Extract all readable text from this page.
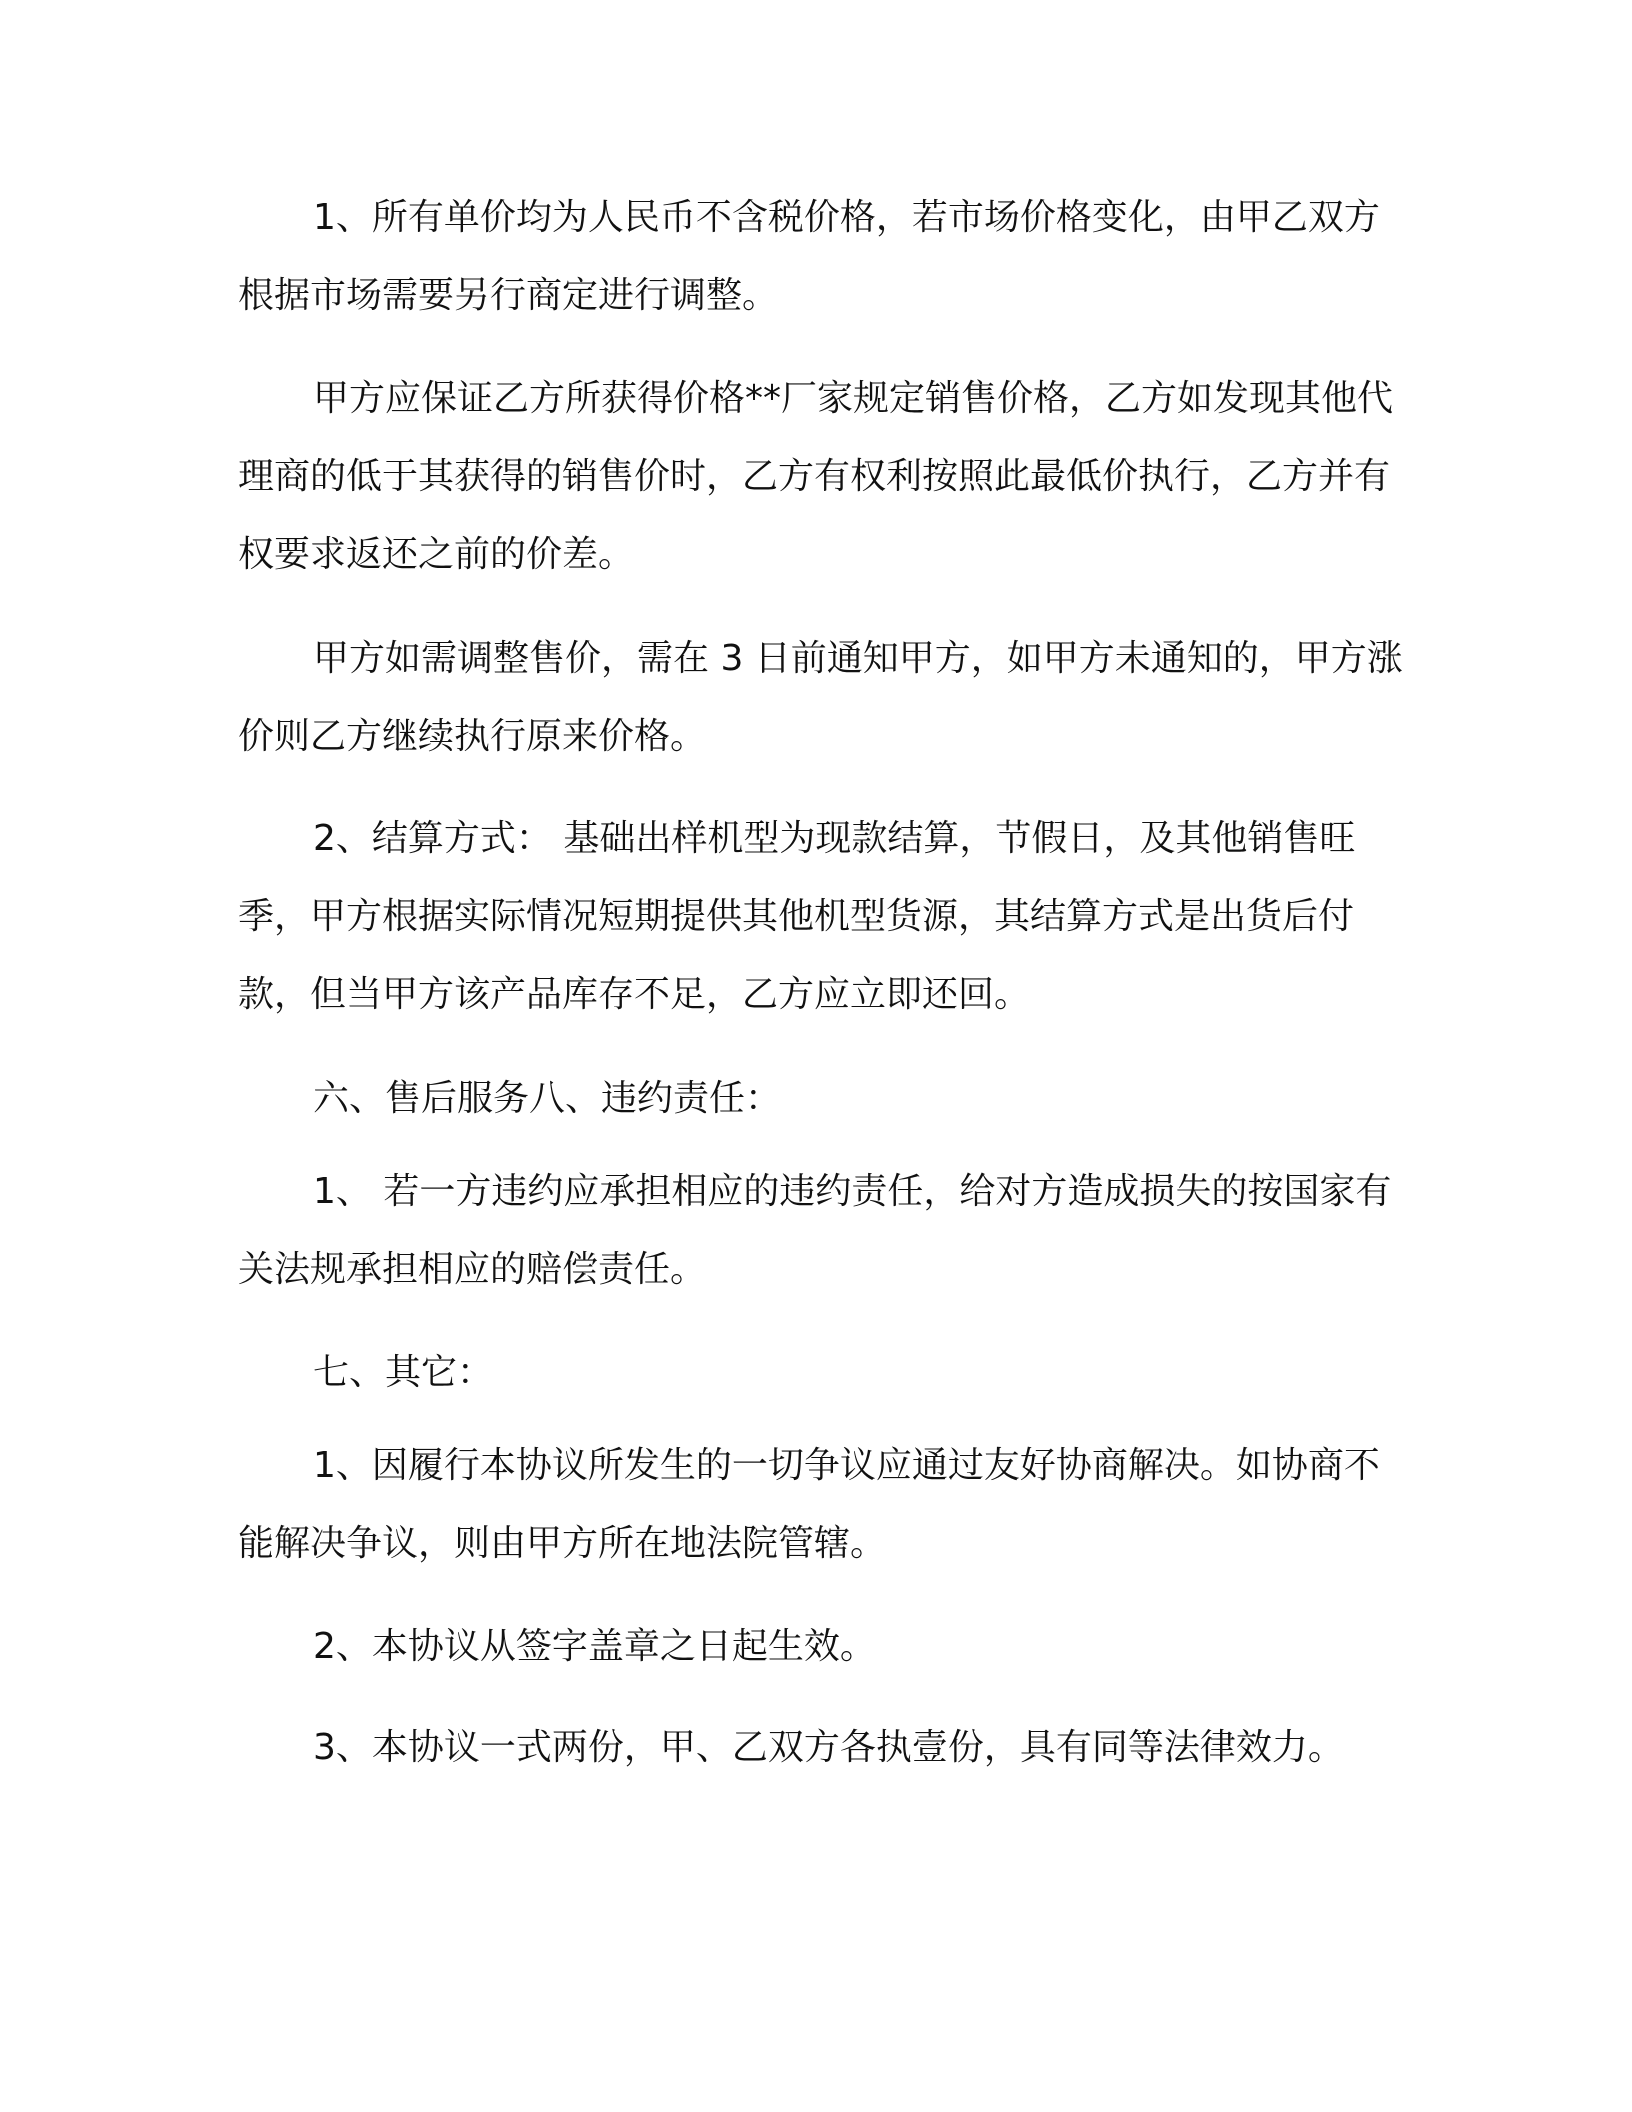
1、所有单价均为人民币不含税价格，若市场价格变化，由甲乙双方根据市场需要另行商定进行调整。

甲方应保证乙方所获得价格**厂家规定销售价格，乙方如发现其他代理商的低于其获得的销售价时，乙方有权利按照此最低价执行，乙方并有权要求返还之前的价差。

甲方如需调整售价，需在 3 日前通知甲方，如甲方未通知的，甲方涨价则乙方继续执行原来价格。

2、结算方式： 基础出样机型为现款结算，节假日，及其他销售旺季，甲方根据实际情况短期提供其他机型货源，其结算方式是出货后付款，但当甲方该产品库存不足，乙方应立即还回。

六、售后服务八、违约责任：

1、 若一方违约应承担相应的违约责任，给对方造成损失的按国家有关法规承担相应的赔偿责任。

七、其它：

1、因履行本协议所发生的一切争议应通过友好协商解决。如协商不能解决争议，则由甲方所在地法院管辖。

2、本协议从签字盖章之日起生效。

3、本协议一式两份，甲、乙双方各执壹份，具有同等法律效力。
